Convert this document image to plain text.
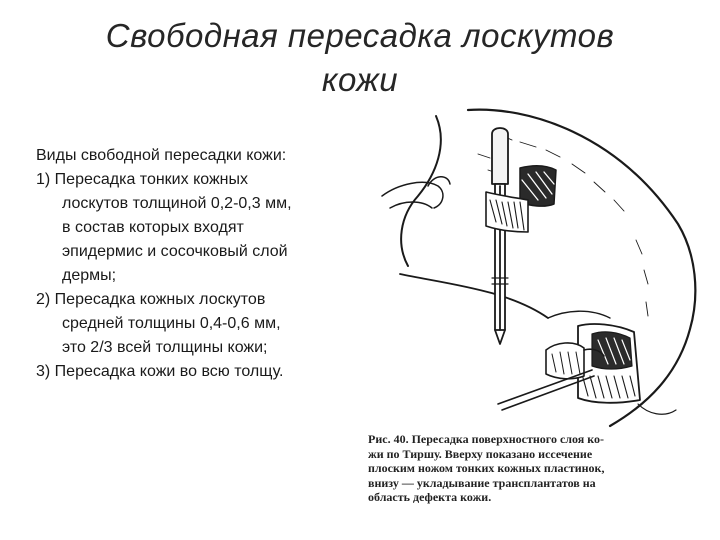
Свободная пересадка лоскутов
кожи
Виды свободной пересадки кожи:
1) Пересадка тонких кожных
лоскутов толщиной 0,2-0,3 мм,
в состав которых входят
эпидермис и сосочковый слой
дермы;
2) Пересадка кожных лоскутов
средней толщины 0,4-0,6 мм,
это 2/3 всей толщины кожи;
3) Пересадка кожи во всю толщу.
Рис. 40. Пересадка поверхностного слоя ко-
жи по Тиршу. Вверху показано иссечение
плоским ножом тонких кожных пластинок,
внизу — укладывание трансплантатов на
область дефекта кожи.
